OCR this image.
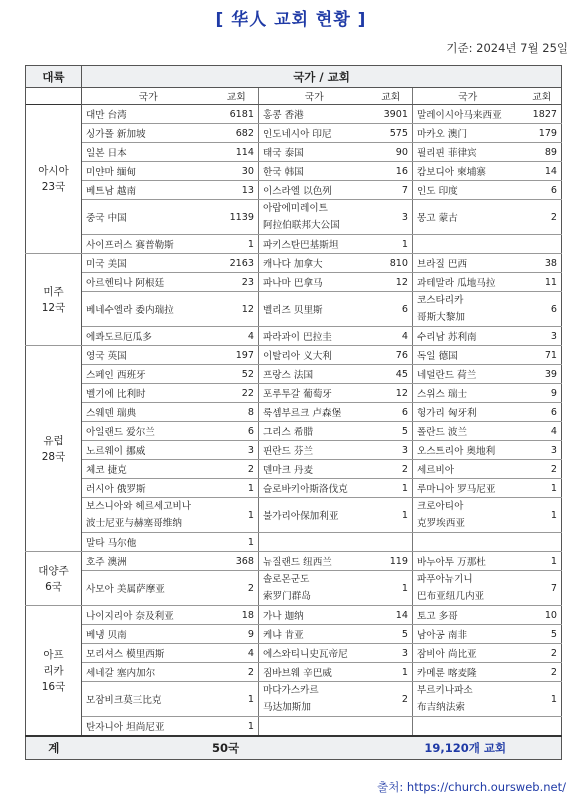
[ 华人 교회 현황 ]
기준: 2024년 7월 25일
대륙	국가 / 교회					
	국가	교회	국가	교회	국가	교회
아시아
23국	대만 台湾	6181	홍콩 香港	3901	말레이시아马来西亚	1827
	싱가폴 新加坡	682	인도네시아 印尼	575	마카오 澳门	179
	일본 日本	114	태국 泰国	90	필리핀 菲律宾	89
	미얀마 缅甸	30	한국 韩国	16	캄보디아 柬埔寨	14
	베트남 越南	13	이스라엘 以色列	7	인도 印度	6
	중국 中国	1139	아랍에미레이트
阿拉伯联邦大公国	3	몽고 蒙古	2
	사이프러스 赛普勒斯	1	파키스탄巴基斯坦	1		
미주
12국	미국 美国	2163	캐나다 加拿大	810	브라질 巴西	38
	아르헨티나 阿根廷	23	파나마 巴拿马	12	과테말라 瓜地马拉	11
	베네수엘라 委内瑞拉	12	벨리즈 贝里斯	6	코스타리카
哥斯大黎加	6
	에콰도르厄瓜多	4	파라과이 巴拉圭	4	수리남 苏利南	3
유럽
28국	영국 英国	197	이탈리아 义大利	76	독일 德国	71
	스페인 西班牙	52	프랑스 法国	45	네덜란드 荷兰	39
	벨기에 比利时	22	포루투갈 葡萄牙	12	스위스 瑞士	9
	스웨덴 瑞典	8	룩셈부르크 卢森堡	6	헝가리 匈牙利	6
	아일랜드 爱尔兰	6	그리스 希腊	5	폴란드 波兰	4
	노르웨이 挪威	3	핀란드 芬兰	3	오스트리아 奥地利	3
	체코 捷克	2	덴마크 丹麦	2	세르비아	2
	러시아 俄罗斯	1	슬로바키아斯洛伐克	1	루마니아 罗马尼亚	1
	보스니아와 헤르세고비나
波士尼亚与赫塞哥维纳	1	불가리아保加利亚	1	크로아티아
克罗埃西亚	1
	말타 马尔他	1				
대양주
6국	호주 澳洲	368	뉴질랜드 纽西兰	119	바누아투 万那杜	1
	사모아 美属萨摩亚	2	솔로몬군도
索罗门群岛	1	파푸아뉴기니
巴布亚纽几内亚	7
아프
리카
16국	나이지리아 奈及利亚	18	가나 迦纳	14	토고 多哥	10
	베냉 贝南	9	케냐 肯亚	5	남아공 南非	5
	모리셔스 模里西斯	4	에스와티니史瓦帝尼	3	잠비아 尚比亚	2
	세네갈 塞内加尔	2	짐바브웨 辛巴威	1	카메룬 喀麦隆	2
	모잠비크莫三比克	1	마다가스카르
马达加斯加	2	부르키나파소
布吉纳法索	1
	탄자니아 坦尚尼亚	1				
계	50국			19,120개 교회		
출처: https://church.oursweb.net/
